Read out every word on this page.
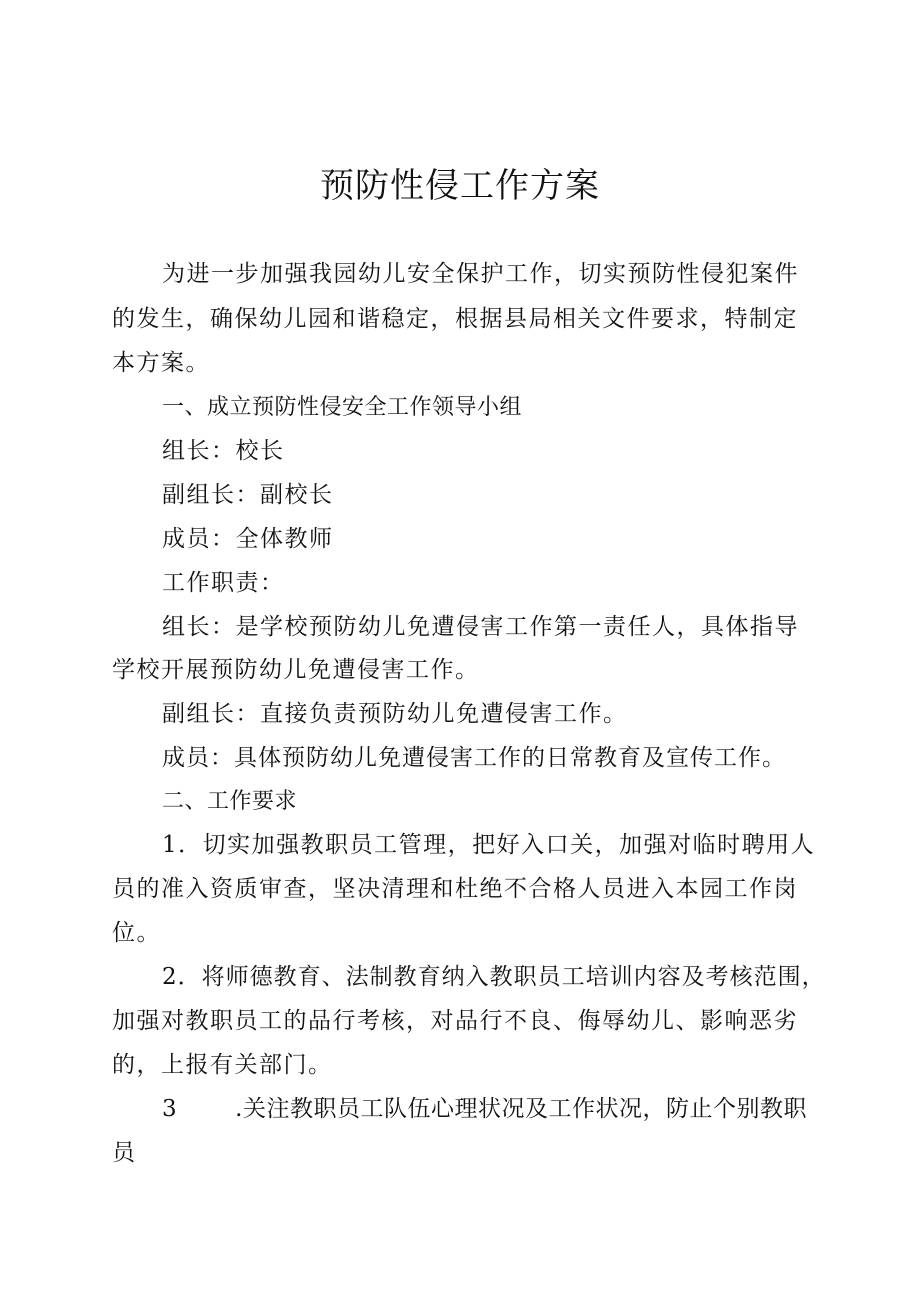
预防性侵工作方案
为进一步加强我园幼儿安全保护工作，切实预防性侵犯案件
的发生，确保幼儿园和谐稳定，根据县局相关文件要求，特制定
本方案。
一、成立预防性侵安全工作领导小组
组长：校长
副组长：副校长
成员：全体教师
工作职责：
组长：是学校预防幼儿免遭侵害工作第一责任人，具体指导
学校开展预防幼儿免遭侵害工作。
副组长：直接负责预防幼儿免遭侵害工作。
成员：具体预防幼儿免遭侵害工作的日常教育及宣传工作。
二、工作要求
1．切实加强教职员工管理，把好入口关，加强对临时聘用人
员的准入资质审查，坚决清理和杜绝不合格人员进入本园工作岗
位。
2．将师德教育、法制教育纳入教职员工培训内容及考核范围，
加强对教职员工的品行考核，对品行不良、侮辱幼儿、影响恶劣
的，上报有关部门。
3	.关注教职员工队伍心理状况及工作状况，防止个别教职
员
